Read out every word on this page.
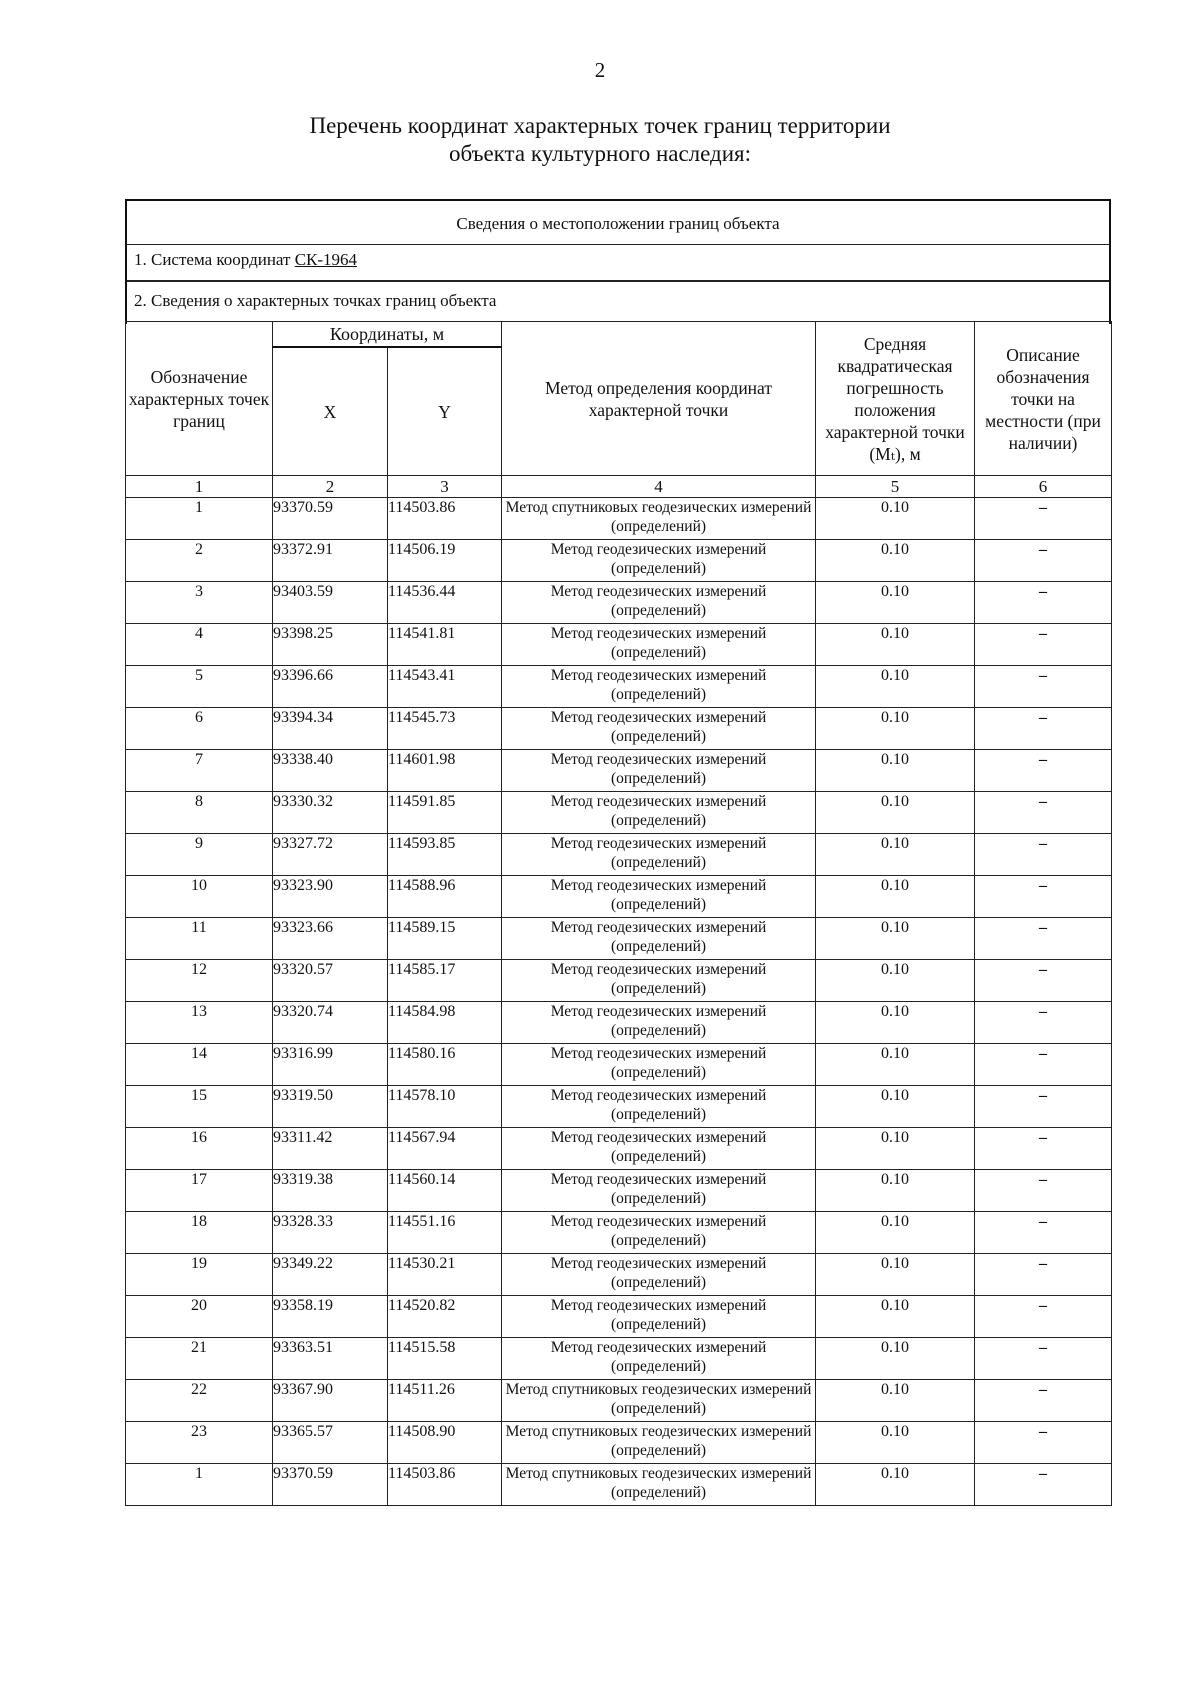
2
Перечень координат характерных точек границ территории
объекта культурного наследия:
Сведения о местоположении границ объекта
1. Система координат СК-1964
2. Сведения о характерных точках границ объекта
Обозначение характерных точек границ	Координаты, м		Метод определения координат характерной точки	Средняя квадратическая погрешность положения характерной точки (Mₜ), м	Описание обозначения точки на местности (при наличии)
	X	Y			
1	2	3	4	5	6
1	93370.59	114503.86	Метод спутниковых геодезических измерений (определений)	0.10	–
2	93372.91	114506.19	Метод геодезических измерений (определений)	0.10	–
3	93403.59	114536.44	Метод геодезических измерений (определений)	0.10	–
4	93398.25	114541.81	Метод геодезических измерений (определений)	0.10	–
5	93396.66	114543.41	Метод геодезических измерений (определений)	0.10	–
6	93394.34	114545.73	Метод геодезических измерений (определений)	0.10	–
7	93338.40	114601.98	Метод геодезических измерений (определений)	0.10	–
8	93330.32	114591.85	Метод геодезических измерений (определений)	0.10	–
9	93327.72	114593.85	Метод геодезических измерений (определений)	0.10	–
10	93323.90	114588.96	Метод геодезических измерений (определений)	0.10	–
11	93323.66	114589.15	Метод геодезических измерений (определений)	0.10	–
12	93320.57	114585.17	Метод геодезических измерений (определений)	0.10	–
13	93320.74	114584.98	Метод геодезических измерений (определений)	0.10	–
14	93316.99	114580.16	Метод геодезических измерений (определений)	0.10	–
15	93319.50	114578.10	Метод геодезических измерений (определений)	0.10	–
16	93311.42	114567.94	Метод геодезических измерений (определений)	0.10	–
17	93319.38	114560.14	Метод геодезических измерений (определений)	0.10	–
18	93328.33	114551.16	Метод геодезических измерений (определений)	0.10	–
19	93349.22	114530.21	Метод геодезических измерений (определений)	0.10	–
20	93358.19	114520.82	Метод геодезических измерений (определений)	0.10	–
21	93363.51	114515.58	Метод геодезических измерений (определений)	0.10	–
22	93367.90	114511.26	Метод спутниковых геодезических измерений (определений)	0.10	–
23	93365.57	114508.90	Метод спутниковых геодезических измерений (определений)	0.10	–
1	93370.59	114503.86	Метод спутниковых геодезических измерений (определений)	0.10	–
